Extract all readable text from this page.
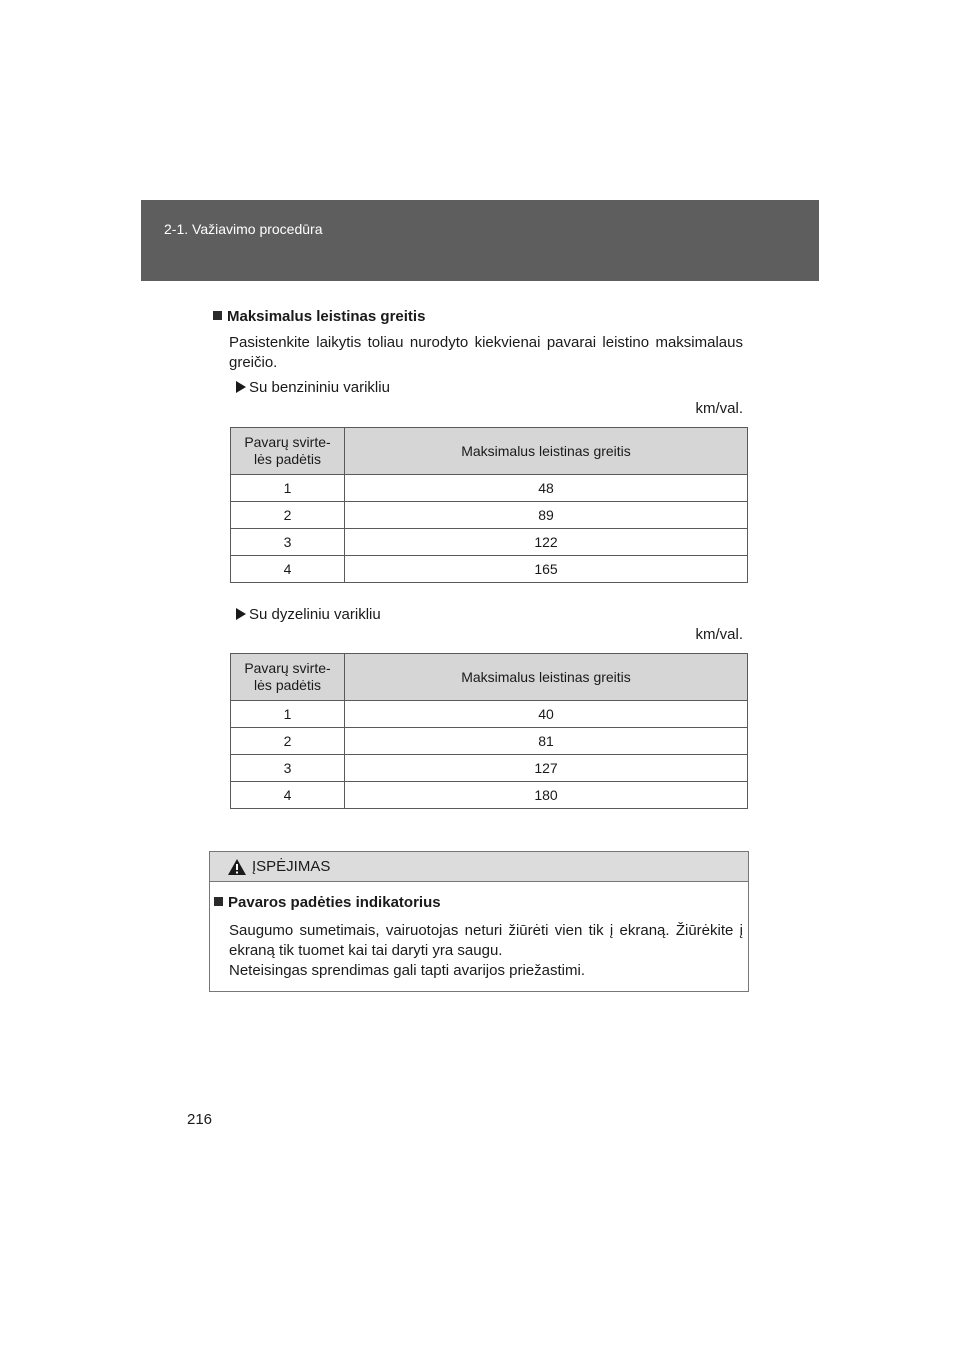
2-1. Važiavimo procedūra
Maksimalus leistinas greitis
Pasistenkite laikytis toliau nurodyto kiekvienai pavarai leistino maksimalaus greičio.
Su benzininiu varikliu
km/val.
Pavarų svirte-
lės padėtis	Maksimalus leistinas greitis
1	48
2	89
3	122
4	165
Su dyzeliniu varikliu
km/val.
Pavarų svirte-
lės padėtis	Maksimalus leistinas greitis
1	40
2	81
3	127
4	180
ĮSPĖJIMAS
Pavaros padėties indikatorius
Saugumo sumetimais, vairuotojas neturi žiūrėti vien tik į ekraną. Žiūrėkite į ekraną tik tuomet kai tai daryti yra saugu.
Neteisingas sprendimas gali tapti avarijos priežastimi.
216
